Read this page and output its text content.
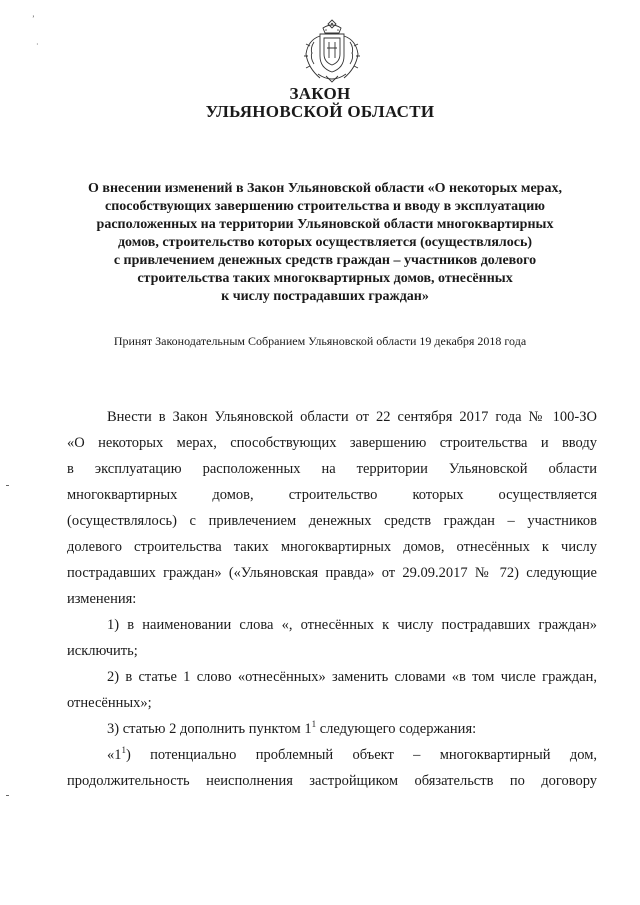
ʼ
·
ЗАКОН
УЛЬЯНОВСКОЙ ОБЛАСТИ
О внесении изменений в Закон Ульяновской области «О некоторых мерах,
способствующих завершению строительства и вводу в эксплуатацию
расположенных на территории Ульяновской области многоквартирных
домов, строительство которых осуществляется (осуществлялось)
с привлечением денежных средств граждан – участников долевого
строительства таких многоквартирных домов, отнесённых
к числу пострадавших граждан»
Принят Законодательным Собранием Ульяновской области 19 декабря 2018 года
Внести в Закон Ульяновской области от 22 сентября 2017 года № 100-ЗО
«О некоторых мерах, способствующих завершению строительства и вводу
в эксплуатацию расположенных на территории Ульяновской области
многоквартирных домов, строительство которых осуществляется
(осуществлялось) с привлечением денежных средств граждан – участников
долевого строительства таких многоквартирных домов, отнесённых к числу
пострадавших граждан» («Ульяновская правда» от 29.09.2017 № 72) следующие
изменения:
1) в наименовании слова «, отнесённых к числу пострадавших граждан»
исключить;
2) в статье 1 слово «отнесённых» заменить словами «в том числе граждан,
отнесённых»;
3) статью 2 дополнить пунктом $1^1$ следующего содержания:
«$1^1$) потенциально проблемный объект – многоквартирный дом,
продолжительность неисполнения застройщиком обязательств по договору
